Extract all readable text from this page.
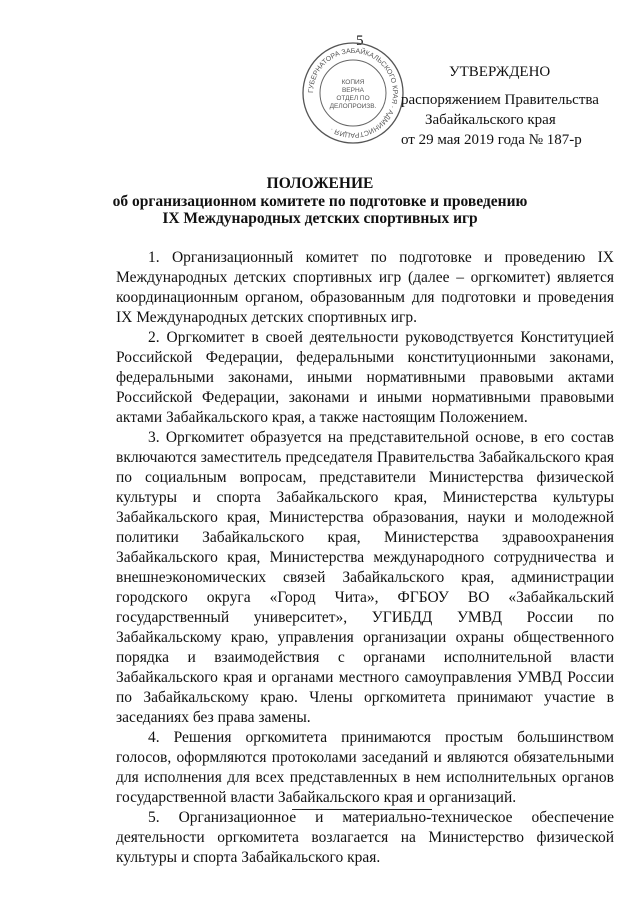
5
ГУБЕРНАТОРА ЗАБАЙКАЛЬСКОГО КРАЯ · АДМИНИСТРАЦИЯ ·
КОПИЯ
ВЕРНА
ОТДЕЛ ПО
ДЕЛОПРОИЗВ.
УТВЕРЖДЕНО
распоряжением Правительства
Забайкальского края
от 29 мая 2019 года № 187-р
ПОЛОЖЕНИЕ
об организационном комитете по подготовке и проведению
IX Международных детских спортивных игр

1. Организационный комитет по подготовке и проведению IX Международных детских спортивных игр (далее – оргкомитет) является координационным органом, образованным для подготовки и проведения IX Международных детских спортивных игр.

2. Оргкомитет в своей деятельности руководствуется Конституцией Российской Федерации, федеральными конституционными законами, федеральными законами, иными нормативными правовыми актами Российской Федерации, законами и иными нормативными правовыми актами Забайкальского края, а также настоящим Положением.

3. Оргкомитет образуется на представительной основе, в его состав включаются заместитель председателя Правительства Забайкальского края по социальным вопросам, представители Министерства физической культуры и спорта Забайкальского края, Министерства культуры Забайкальского края, Министерства образования, науки и молодежной политики Забайкальского края, Министерства здравоохранения Забайкальского края, Министерства международного сотрудничества и внешнеэкономических связей Забайкальского края, администрации городского округа «Город Чита», ФГБОУ ВО «Забайкальский государственный университет», УГИБДД УМВД России по Забайкальскому краю, управления организации охраны общественного порядка и взаимодействия с органами исполнительной власти Забайкальского края и органами местного самоуправления УМВД России по Забайкальскому краю. Члены оргкомитета принимают участие в заседаниях без права замены.

4. Решения оргкомитета принимаются простым большинством голосов, оформляются протоколами заседаний и являются обязательными для исполнения для всех представленных в нем исполнительных органов государственной власти Забайкальского края и организаций.

5. Организационное и материально-техническое обеспечение деятельности оргкомитета возлагается на Министерство физической культуры и спорта Забайкальского края.
